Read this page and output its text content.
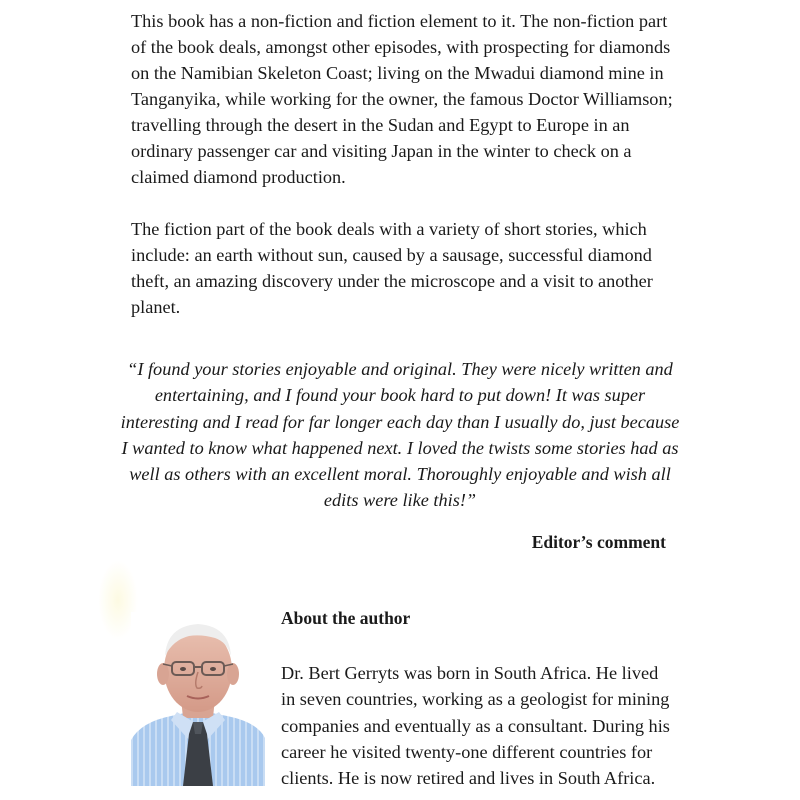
This book has a non-fiction and fiction element to it. The non-fiction part of the book deals, amongst other episodes, with prospecting for diamonds on the Namibian Skeleton Coast; living on the Mwadui diamond mine in Tanganyika, while working for the owner, the famous Doctor Williamson; travelling through the desert in the Sudan and Egypt to Europe in an ordinary passenger car and visiting Japan in the winter to check on a claimed diamond production.

The fiction part of the book deals with a variety of short stories, which include: an earth without sun, caused by a sausage, successful diamond theft, an amazing discovery under the microscope and a visit to another planet.

“I found your stories enjoyable and original. They were nicely written and entertaining, and I found your book hard to put down! It was super interesting and I read for far longer each day than I usually do, just because I wanted to know what happened next. I loved the twists some stories had as well as others with an excellent moral. Thoroughly enjoyable and wish all edits were like this!”

Editor’s comment

About the author

Dr. Bert Gerryts was born in South Africa. He lived in seven countries, working as a geologist for mining companies and eventually as a consultant. During his career he visited twenty-one different countries for clients. He is now retired and lives in South Africa.
